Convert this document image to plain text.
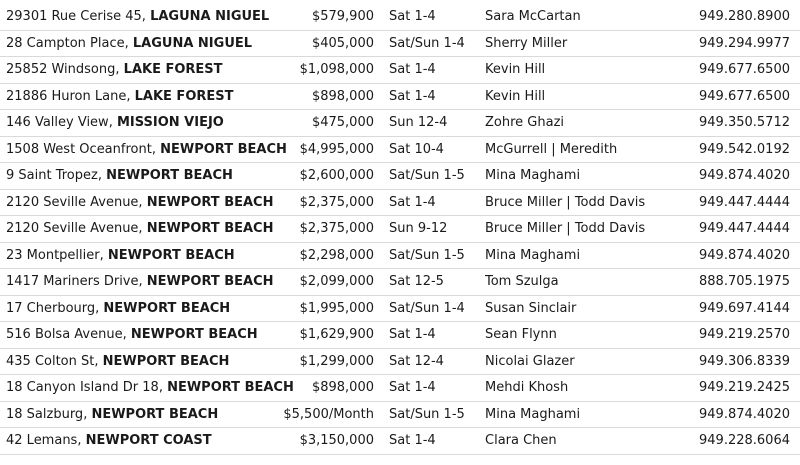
29301 Rue Cerise 45, LAGUNA NIGUEL	$579,900 Sat 1-4	Sara McCartan	949.280.8900
28 Campton Place, LAGUNA NIGUEL	$405,000 Sat/Sun 1-4	Sherry Miller	949.294.9977
25852 Windsong, LAKE FOREST	$1,098,000 Sat 1-4	Kevin Hill	949.677.6500
21886 Huron Lane, LAKE FOREST	$898,000 Sat 1-4	Kevin Hill	949.677.6500
146 Valley View, MISSION VIEJO	$475,000 Sun 12-4	Zohre Ghazi	949.350.5712
1508 West Oceanfront, NEWPORT BEACH $4,995,000 Sat 10-4	McGurrell | Meredith	949.542.0192
9 Saint Tropez, NEWPORT BEACH	$2,600,000 Sat/Sun 1-5	Mina Maghami	949.874.4020
2120 Seville Avenue, NEWPORT BEACH	$2,375,000 Sat 1-4	Bruce Miller | Todd Davis	949.447.4444
2120 Seville Avenue, NEWPORT BEACH	$2,375,000 Sun 9-12	Bruce Miller | Todd Davis	949.447.4444
23 Montpellier, NEWPORT BEACH	$2,298,000 Sat/Sun 1-5	Mina Maghami	949.874.4020
1417 Mariners Drive, NEWPORT BEACH	$2,099,000 Sat 12-5	Tom Szulga	888.705.1975
17 Cherbourg, NEWPORT BEACH	$1,995,000 Sat/Sun 1-4	Susan Sinclair	949.697.4144
516 Bolsa Avenue, NEWPORT BEACH	$1,629,900 Sat 1-4	Sean Flynn	949.219.2570
435 Colton St, NEWPORT BEACH	$1,299,000 Sat 12-4	Nicolai Glazer	949.306.8339
18 Canyon Island Dr 18, NEWPORT BEACH	$898,000 Sat 1-4	Mehdi Khosh	949.219.2425
18 Salzburg, NEWPORT BEACH	$5,500/Month Sat/Sun 1-5	Mina Maghami	949.874.4020
42 Lemans, NEWPORT COAST	$3,150,000 Sat 1-4	Clara Chen	949.228.6064
